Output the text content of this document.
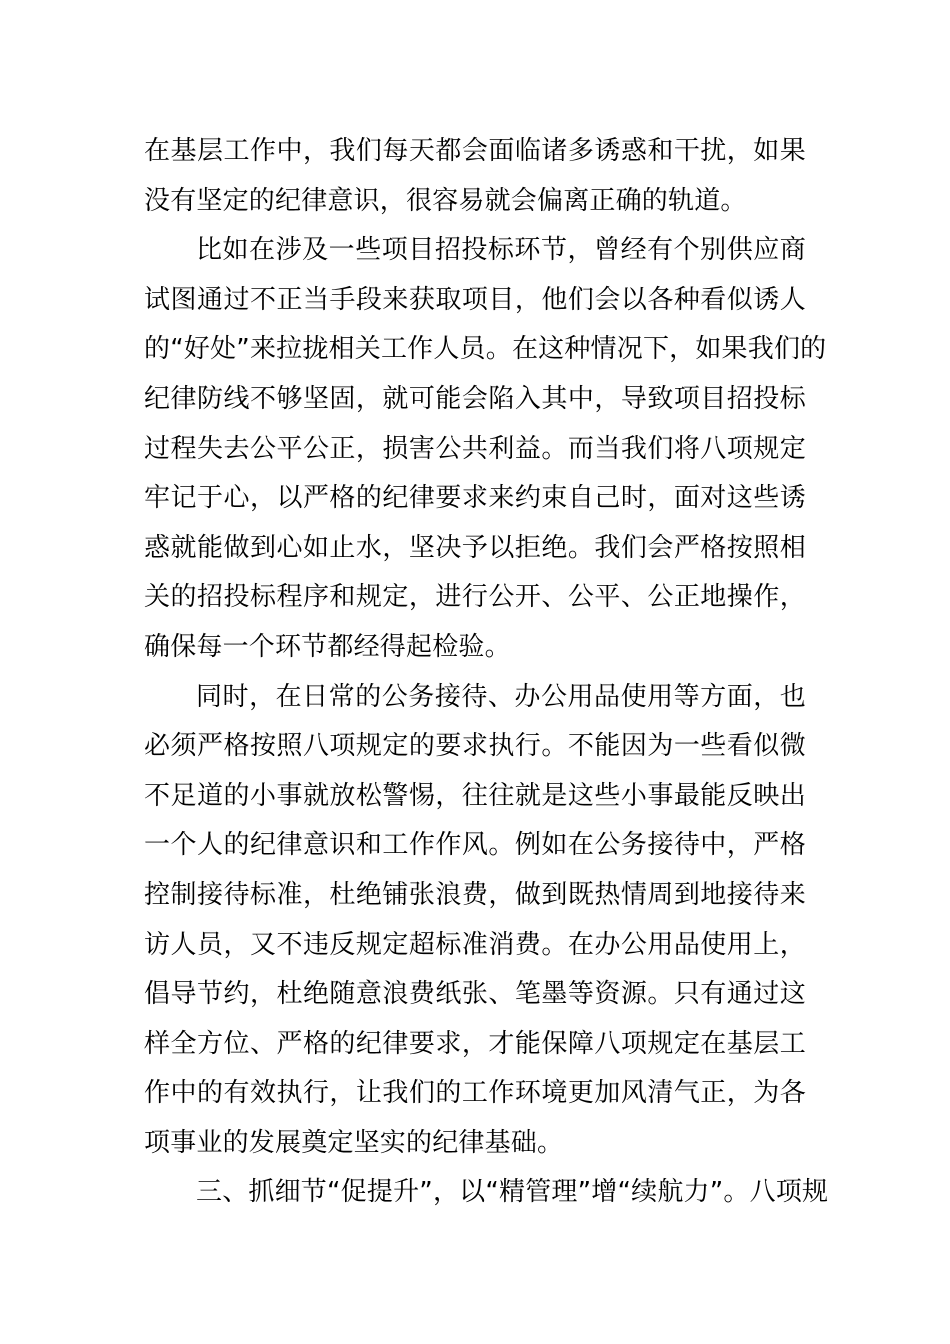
在基层工作中，我们每天都会面临诸多诱惑和干扰，如果
没有坚定的纪律意识，很容易就会偏离正确的轨道。
比如在涉及一些项目招投标环节，曾经有个别供应商
试图通过不正当手段来获取项目，他们会以各种看似诱人
的“好处”来拉拢相关工作人员。在这种情况下，如果我们的
纪律防线不够坚固，就可能会陷入其中，导致项目招投标
过程失去公平公正，损害公共利益。而当我们将八项规定
牢记于心，以严格的纪律要求来约束自己时，面对这些诱
惑就能做到心如止水，坚决予以拒绝。我们会严格按照相
关的招投标程序和规定，进行公开、公平、公正地操作，
确保每一个环节都经得起检验。
同时，在日常的公务接待、办公用品使用等方面，也
必须严格按照八项规定的要求执行。不能因为一些看似微
不足道的小事就放松警惕，往往就是这些小事最能反映出
一个人的纪律意识和工作作风。例如在公务接待中，严格
控制接待标准，杜绝铺张浪费，做到既热情周到地接待来
访人员，又不违反规定超标准消费。在办公用品使用上，
倡导节约，杜绝随意浪费纸张、笔墨等资源。只有通过这
样全方位、严格的纪律要求，才能保障八项规定在基层工
作中的有效执行，让我们的工作环境更加风清气正，为各
项事业的发展奠定坚实的纪律基础。
三、抓细节“促提升”，以“精管理”增“续航力”。八项规
